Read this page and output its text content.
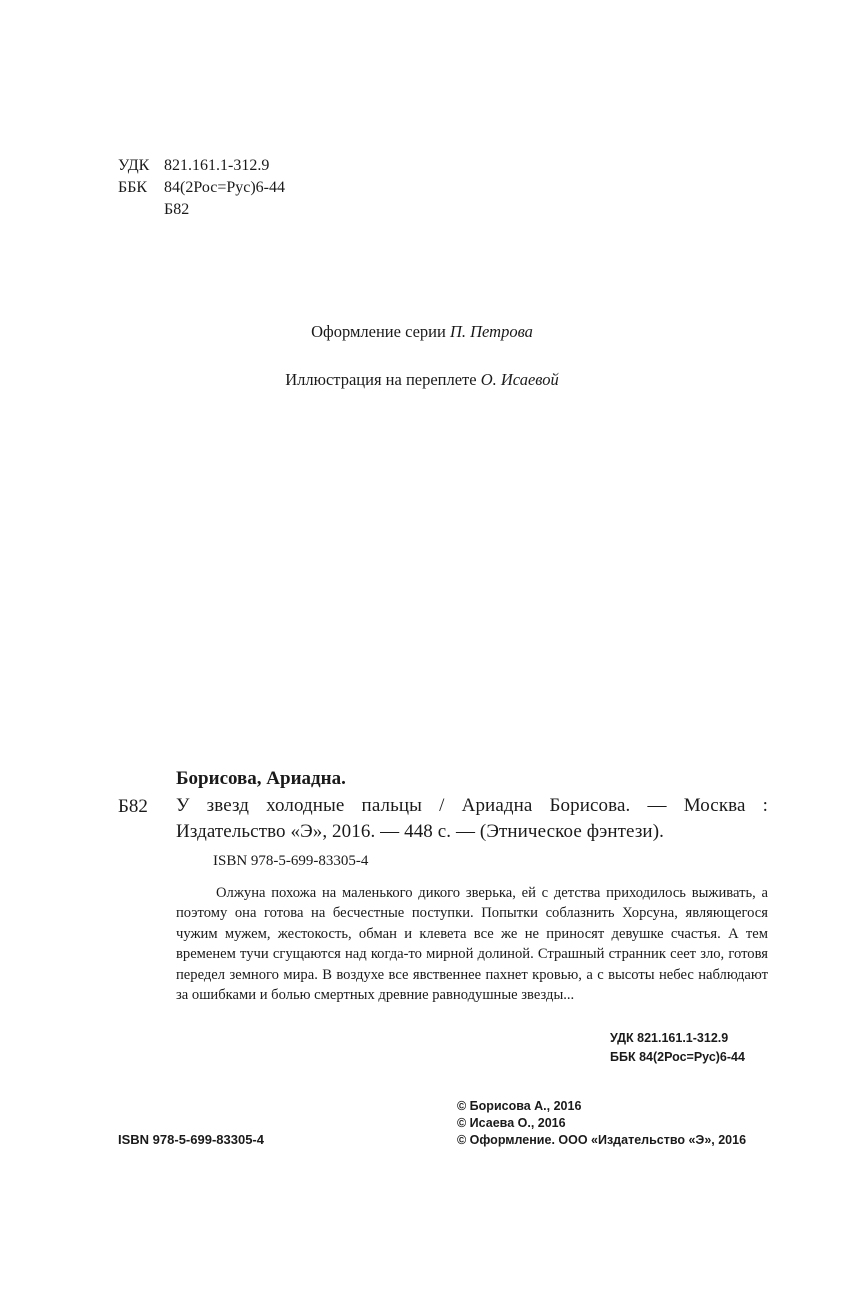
УДК 821.161.1-312.9
ББК 84(2Рос=Рус)6-44
Б82
Оформление серии П. Петрова
Иллюстрация на переплете О. Исаевой
Борисова, Ариадна.
Б82 У звезд холодные пальцы / Ариадна Борисова. — Москва : Издательство «Э», 2016. — 448 с. — (Этническое фэнтези).
ISBN 978-5-699-83305-4
Олжуна похожа на маленького дикого зверька, ей с детства приходилось выживать, а поэтому она готова на бесчестные поступки. Попытки соблазнить Хорсуна, являющегося чужим мужем, жестокость, обман и клевета все же не приносят девушке счастья. А тем временем тучи сгущаются над когда-то мирной долиной. Страшный странник сеет зло, готовя передел земного мира. В воздухе все явственнее пахнет кровью, а с высоты небес наблюдают за ошибками и болью смертных древние равнодушные звезды...
УДК 821.161.1-312.9
ББК 84(2Рос=Рус)6-44
ISBN 978-5-699-83305-4
© Борисова А., 2016
© Исаева О., 2016
© Оформление. ООО «Издательство «Э», 2016
